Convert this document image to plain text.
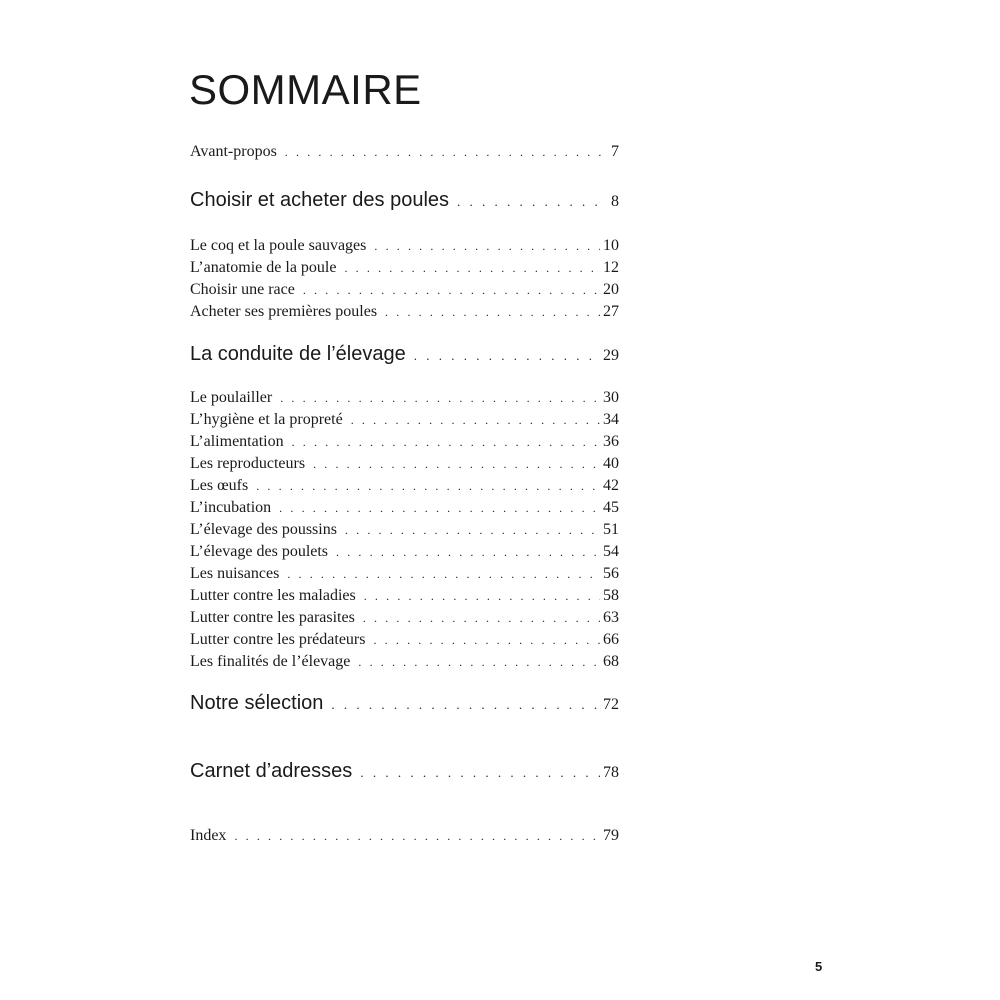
SOMMAIRE
Avant-propos . . .	7
Choisir et acheter des poules . . .	8
Le coq et la poule sauvages . . .	10
L’anatomie de la poule . . .	12
Choisir une race . . .	20
Acheter ses premières poules . . .	27
La conduite de l’élevage . . .	29
Le poulailler . . .	30
L’hygiène et la propreté . . .	34
L’alimentation . . .	36
Les reproducteurs . . .	40
Les œufs . . .	42
L’incubation . . .	45
L’élevage des poussins . . .	51
L’élevage des poulets . . .	54
Les nuisances . . .	56
Lutter contre les maladies . . .	58
Lutter contre les parasites . . .	63
Lutter contre les prédateurs . . .	66
Les finalités de l’élevage . . .	68
Notre sélection . . .	72
Carnet d’adresses . . .	78
Index . . .	79
5
